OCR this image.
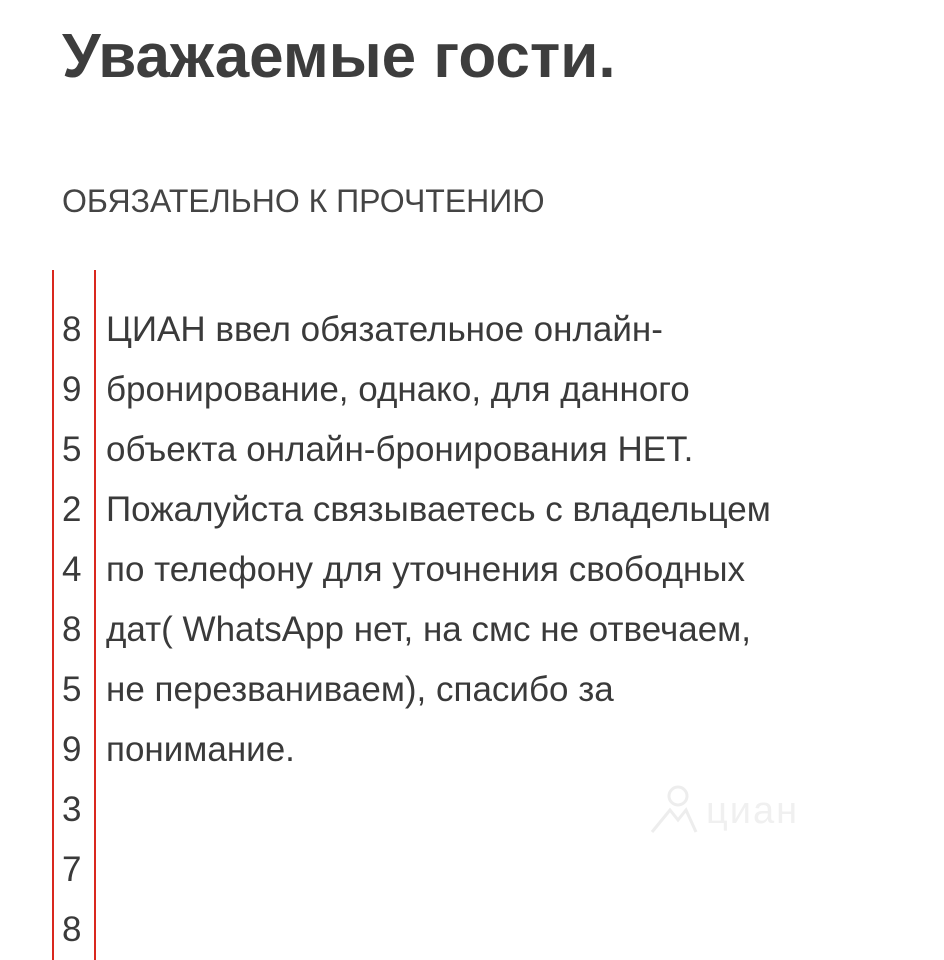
Уважаемые гости.

ОБЯЗАТЕЛЬНО К ПРОЧТЕНИЮ

8
9
5
2
4
8
5
9
3
7
8
ЦИАН ввел обязательное онлайн-
бронирование, однако, для данного
объекта онлайн-бронирования НЕТ.
Пожалуйста связываетесь с владельцем
по телефону для уточнения свободных
дат( WhatsApp нет, на смс не отвечаем,
не перезваниваем), спасибо за
понимание.
циан
